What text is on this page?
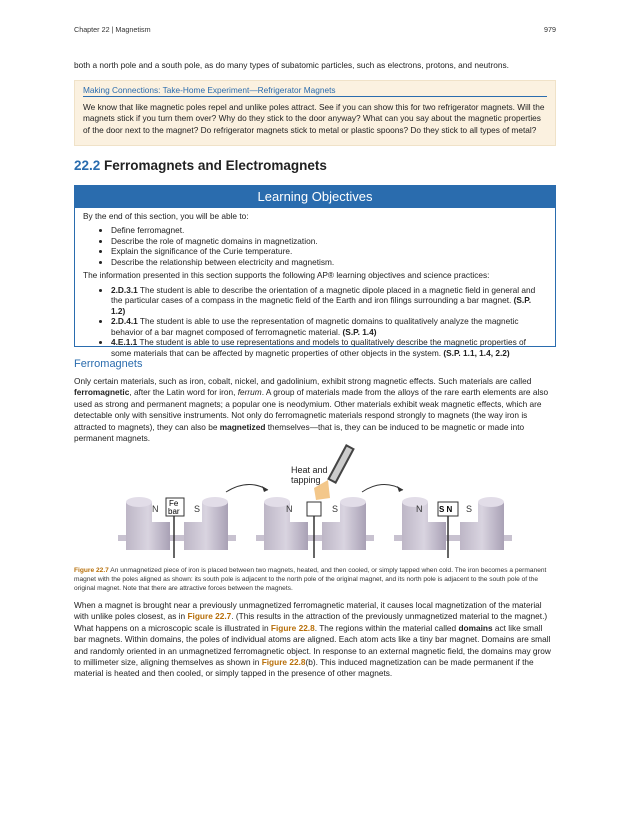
Chapter 22 | Magnetism	979

both a north pole and a south pole, as do many types of subatomic particles, such as electrons, protons, and neutrons.

Making Connections: Take-Home Experiment—Refrigerator Magnets

We know that like magnetic poles repel and unlike poles attract. See if you can show this for two refrigerator magnets. Will the magnets stick if you turn them over? Why do they stick to the door anyway? What can you say about the magnetic properties of the door next to the magnet? Do refrigerator magnets stick to metal or plastic spoons? Do they stick to all types of metal?

22.2 Ferromagnets and Electromagnets
Learning Objectives

By the end of this section, you will be able to:

• Define ferromagnet.
• Describe the role of magnetic domains in magnetization.
• Explain the significance of the Curie temperature.
• Describe the relationship between electricity and magnetism.

The information presented in this section supports the following AP® learning objectives and science practices:

• 2.D.3.1 The student is able to describe the orientation of a magnetic dipole placed in a magnetic field in general and the particular cases of a compass in the magnetic field of the Earth and iron filings surrounding a bar magnet. (S.P. 1.2)
• 2.D.4.1 The student is able to use the representation of magnetic domains to qualitatively analyze the magnetic behavior of a bar magnet composed of ferromagnetic material. (S.P. 1.4)
• 4.E.1.1 The student is able to use representations and models to qualitatively describe the magnetic properties of some materials that can be affected by magnetic properties of other objects in the system. (S.P. 1.1, 1.4, 2.2)
Ferromagnets

Only certain materials, such as iron, cobalt, nickel, and gadolinium, exhibit strong magnetic effects. Such materials are called ferromagnetic, after the Latin word for iron, ferrum. A group of materials made from the alloys of the rare earth elements are also used as strong and permanent magnets; a popular one is neodymium. Other materials exhibit weak magnetic effects, which are detectable only with sensitive instruments. Not only do ferromagnetic materials respond strongly to magnets (the way iron is attracted to magnets), they can also be magnetized themselves—that is, they can be induced to be magnetic or made into permanent magnets.

Heat and
tapping
Fe
bar
N	S	N	S	S N
N	S
Figure 22.7 An unmagnetized piece of iron is placed between two magnets, heated, and then cooled, or simply tapped when cold. The iron becomes a permanent magnet with the poles aligned as shown: its south pole is adjacent to the north pole of the original magnet, and its north pole is adjacent to the south pole of the original magnet. Note that there are attractive forces between the magnets.

When a magnet is brought near a previously unmagnetized ferromagnetic material, it causes local magnetization of the material with unlike poles closest, as in Figure 22.7. (This results in the attraction of the previously unmagnetized material to the magnet.) What happens on a microscopic scale is illustrated in Figure 22.8. The regions within the material called domains act like small bar magnets. Within domains, the poles of individual atoms are aligned. Each atom acts like a tiny bar magnet. Domains are small and randomly oriented in an unmagnetized ferromagnetic object. In response to an external magnetic field, the domains may grow to millimeter size, aligning themselves as shown in Figure 22.8(b). This induced magnetization can be made permanent if the material is heated and then cooled, or simply tapped in the presence of other magnets.
